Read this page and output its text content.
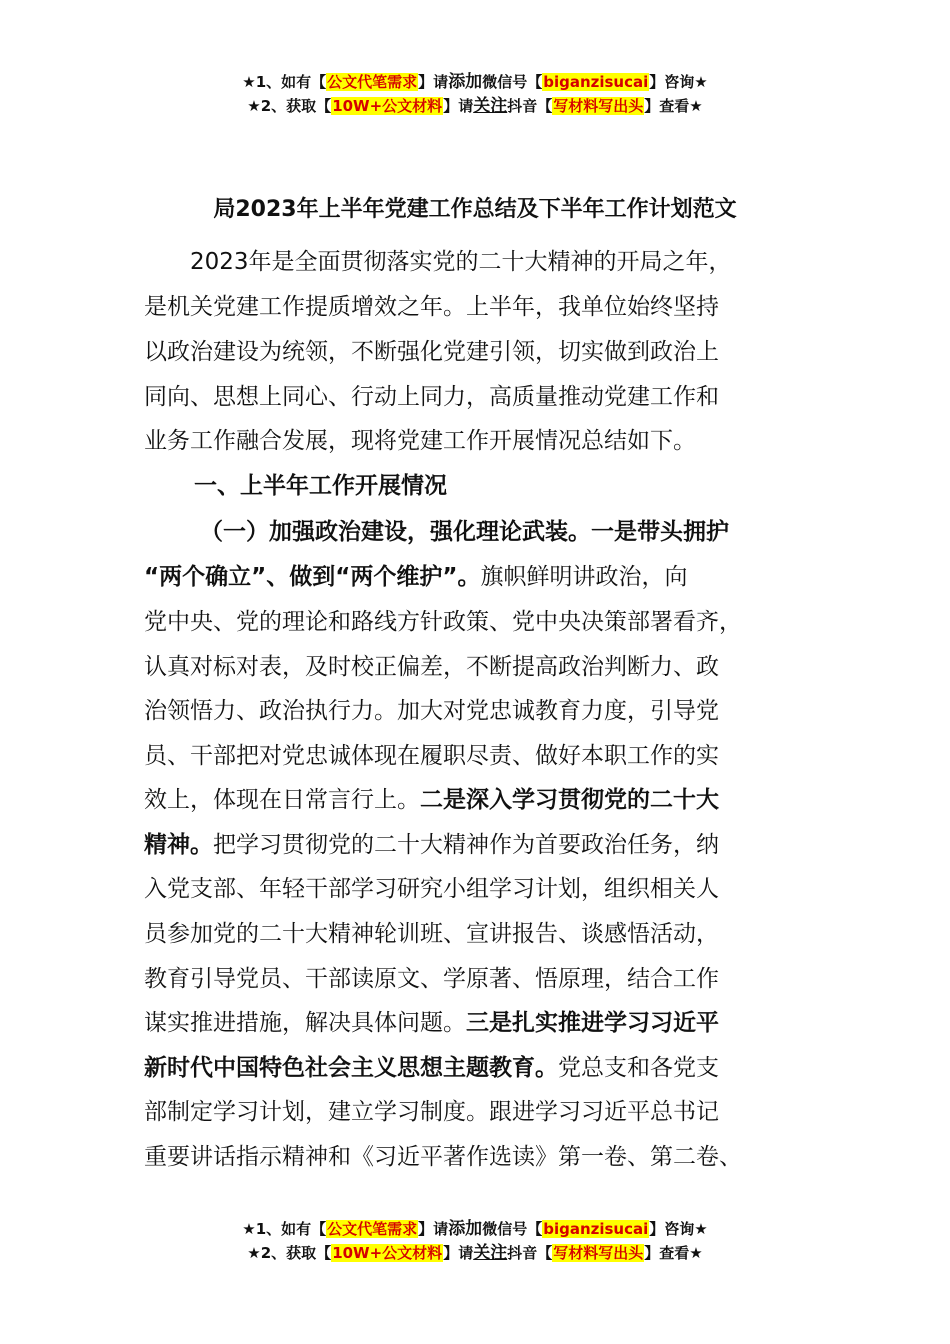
★1、如有【公文代笔需求】请添加微信号【biganzisucai】咨询★
★2、获取【10W+公文材料】请关注抖音【写材料写出头】查看★
局2023年上半年党建工作总结及下半年工作计划范文
2023年是全面贯彻落实党的二十大精神的开局之年，
是机关党建工作提质增效之年。上半年，我单位始终坚持
以政治建设为统领，不断强化党建引领，切实做到政治上
同向、思想上同心、行动上同力，高质量推动党建工作和
业务工作融合发展，现将党建工作开展情况总结如下。
一、上半年工作开展情况
（一）加强政治建设，强化理论武装。一是带头拥护
“两个确立”、做到“两个维护”。旗帜鲜明讲政治，向
党中央、党的理论和路线方针政策、党中央决策部署看齐，
认真对标对表，及时校正偏差，不断提高政治判断力、政
治领悟力、政治执行力。加大对党忠诚教育力度，引导党
员、干部把对党忠诚体现在履职尽责、做好本职工作的实
效上，体现在日常言行上。二是深入学习贯彻党的二十大
精神。把学习贯彻党的二十大精神作为首要政治任务，纳
入党支部、年轻干部学习研究小组学习计划，组织相关人
员参加党的二十大精神轮训班、宣讲报告、谈感悟活动，
教育引导党员、干部读原文、学原著、悟原理，结合工作
谋实推进措施，解决具体问题。三是扎实推进学习习近平
新时代中国特色社会主义思想主题教育。党总支和各党支
部制定学习计划，建立学习制度。跟进学习习近平总书记
重要讲话指示精神和《习近平著作选读》第一卷、第二卷、
★1、如有【公文代笔需求】请添加微信号【biganzisucai】咨询★
★2、获取【10W+公文材料】请关注抖音【写材料写出头】查看★
